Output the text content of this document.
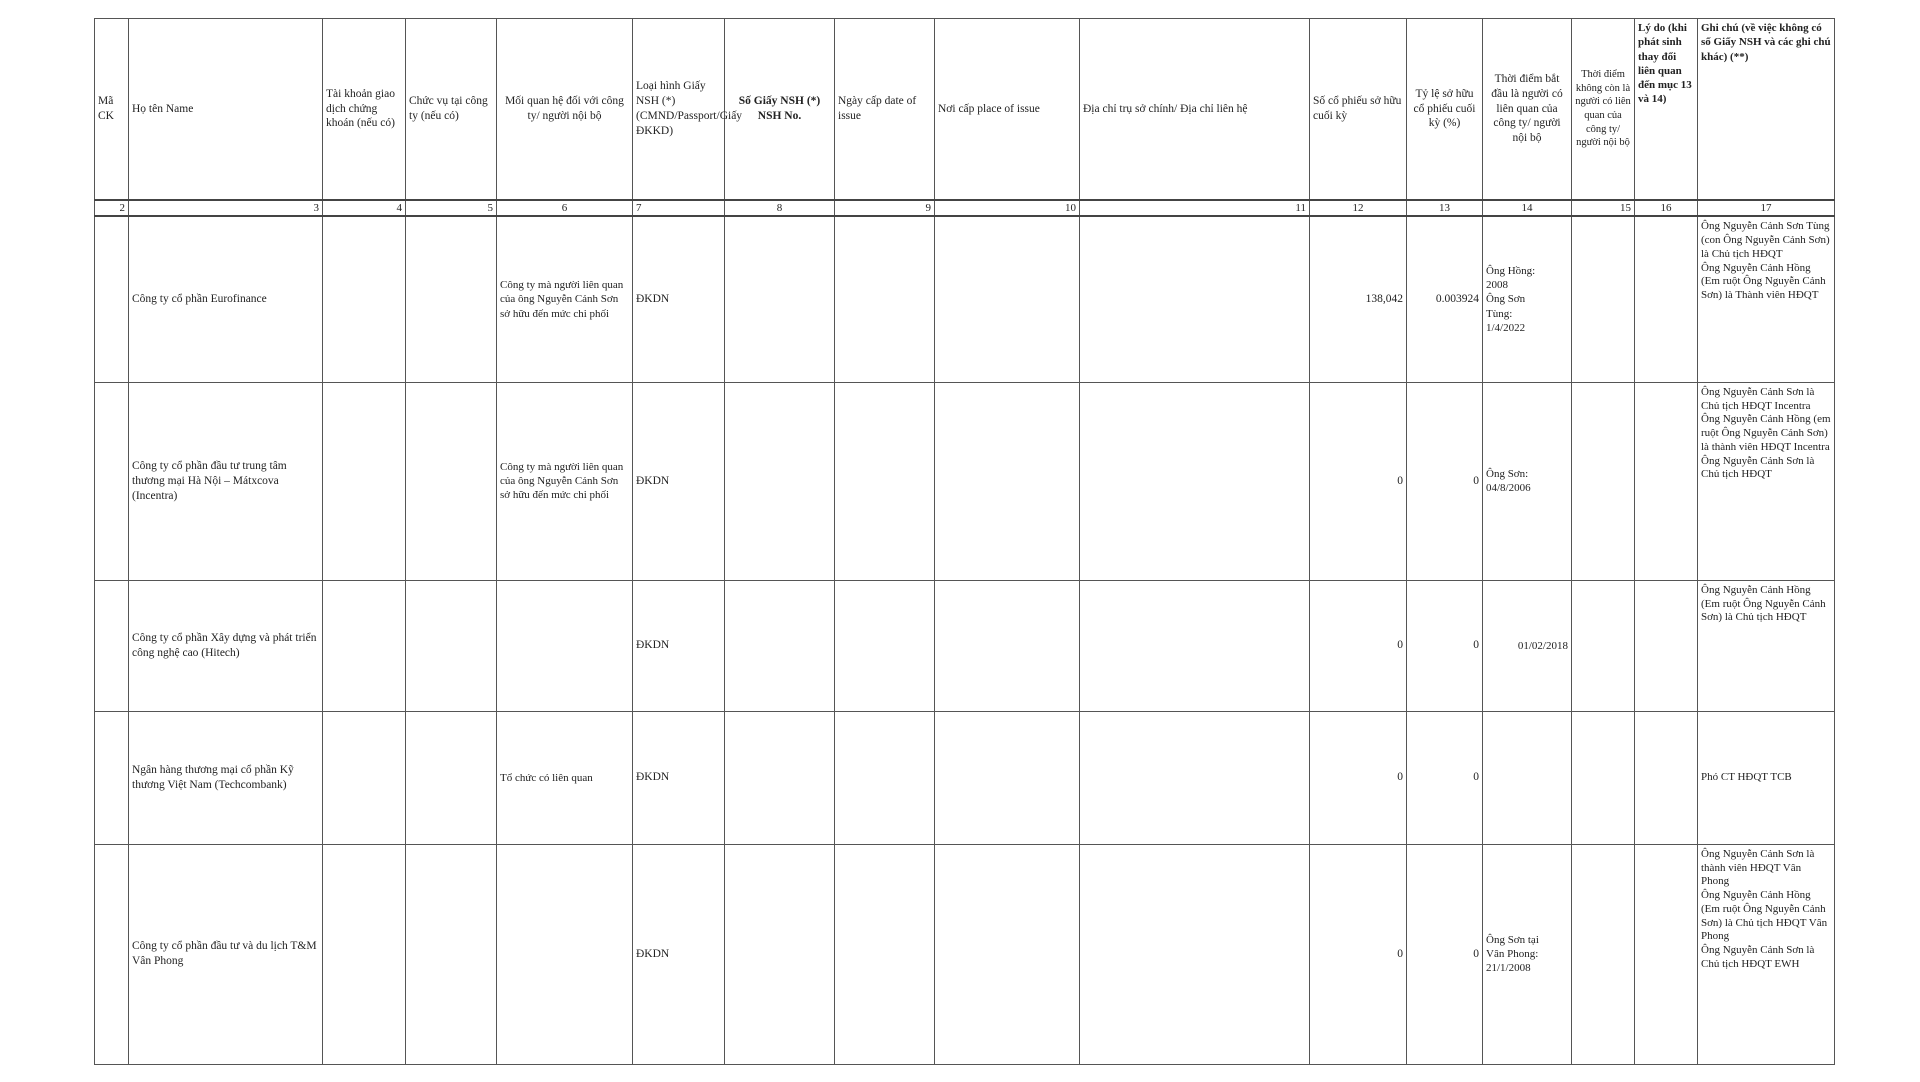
Mã CK	Họ tên Name	Tài khoản giao dịch chứng khoán (nếu có)	Chức vụ tại công ty (nếu có)	Mối quan hệ đối với công ty/ người nội bộ	Loại hình Giấy NSH (*) (CMND/Passport/Giấy ĐKKD)	Số Giấy NSH (*) NSH No.	Ngày cấp date of issue	Nơi cấp place of issue	Địa chỉ trụ sở chính/ Địa chỉ liên hệ	Số cổ phiếu sở hữu cuối kỳ	Tỷ lệ sở hữu cổ phiếu cuối kỳ (%)	Thời điểm bắt đầu là người có liên quan của công ty/ người nội bộ	Thời điểm không còn là người có liên quan của công ty/ người nội bộ	Lý do (khi phát sinh thay đổi liên quan đến mục 13 và 14)	Ghi chú (về việc không có số Giấy NSH và các ghi chú khác) (**)
2	3	4	5	6	7	8	9	10	11	12	13	14	15	16	17
	Công ty cổ phần Eurofinance			Công ty mà người liên quan của ông Nguyễn Cảnh Sơn sở hữu đến mức chi phối	ĐKDN					138,042	0.003924	Ông Hồng:
2008
Ông Sơn
Tùng:
1/4/2022			Ông Nguyễn Cảnh Sơn Tùng (con Ông Nguyễn Cảnh Sơn) là Chủ tịch HĐQT
Ông Nguyễn Cảnh Hồng (Em ruột Ông Nguyễn Cảnh Sơn) là Thành viên HĐQT
	Công ty cổ phần đầu tư trung tâm thương mại Hà Nội – Mátxcova (Incentra)			Công ty mà người liên quan của ông Nguyễn Cảnh Sơn sở hữu đến mức chi phối	ĐKDN					0	0	Ông Sơn:
04/8/2006			Ông Nguyễn Cảnh Sơn là Chủ tịch HĐQT Incentra
Ông Nguyễn Cảnh Hồng (em ruột Ông Nguyễn Cảnh Sơn) là thành viên HĐQT Incentra
Ông Nguyễn Cảnh Sơn là Chủ tịch HĐQT
	Công ty cổ phần Xây dựng và phát triển công nghệ cao (Hitech)				ĐKDN					0	0	01/02/2018			Ông Nguyễn Cảnh Hồng
(Em ruột Ông Nguyễn Cảnh Sơn) là Chủ tịch HĐQT
	Ngân hàng thương mại cổ phần Kỹ thương Việt Nam (Techcombank)			Tổ chức có liên quan	ĐKDN					0	0				Phó CT HĐQT TCB
	Công ty cổ phần đầu tư và du lịch T&M Vân Phong				ĐKDN					0	0	Ông Sơn tại
Vân Phong:
21/1/2008			Ông Nguyễn Cảnh Sơn là thành viên HĐQT Vân Phong
Ông Nguyễn Cảnh Hồng
(Em ruột Ông Nguyễn Cảnh Sơn) là Chủ tịch HĐQT Vân Phong
Ông Nguyễn Cảnh Sơn là Chủ tịch HĐQT EWH
